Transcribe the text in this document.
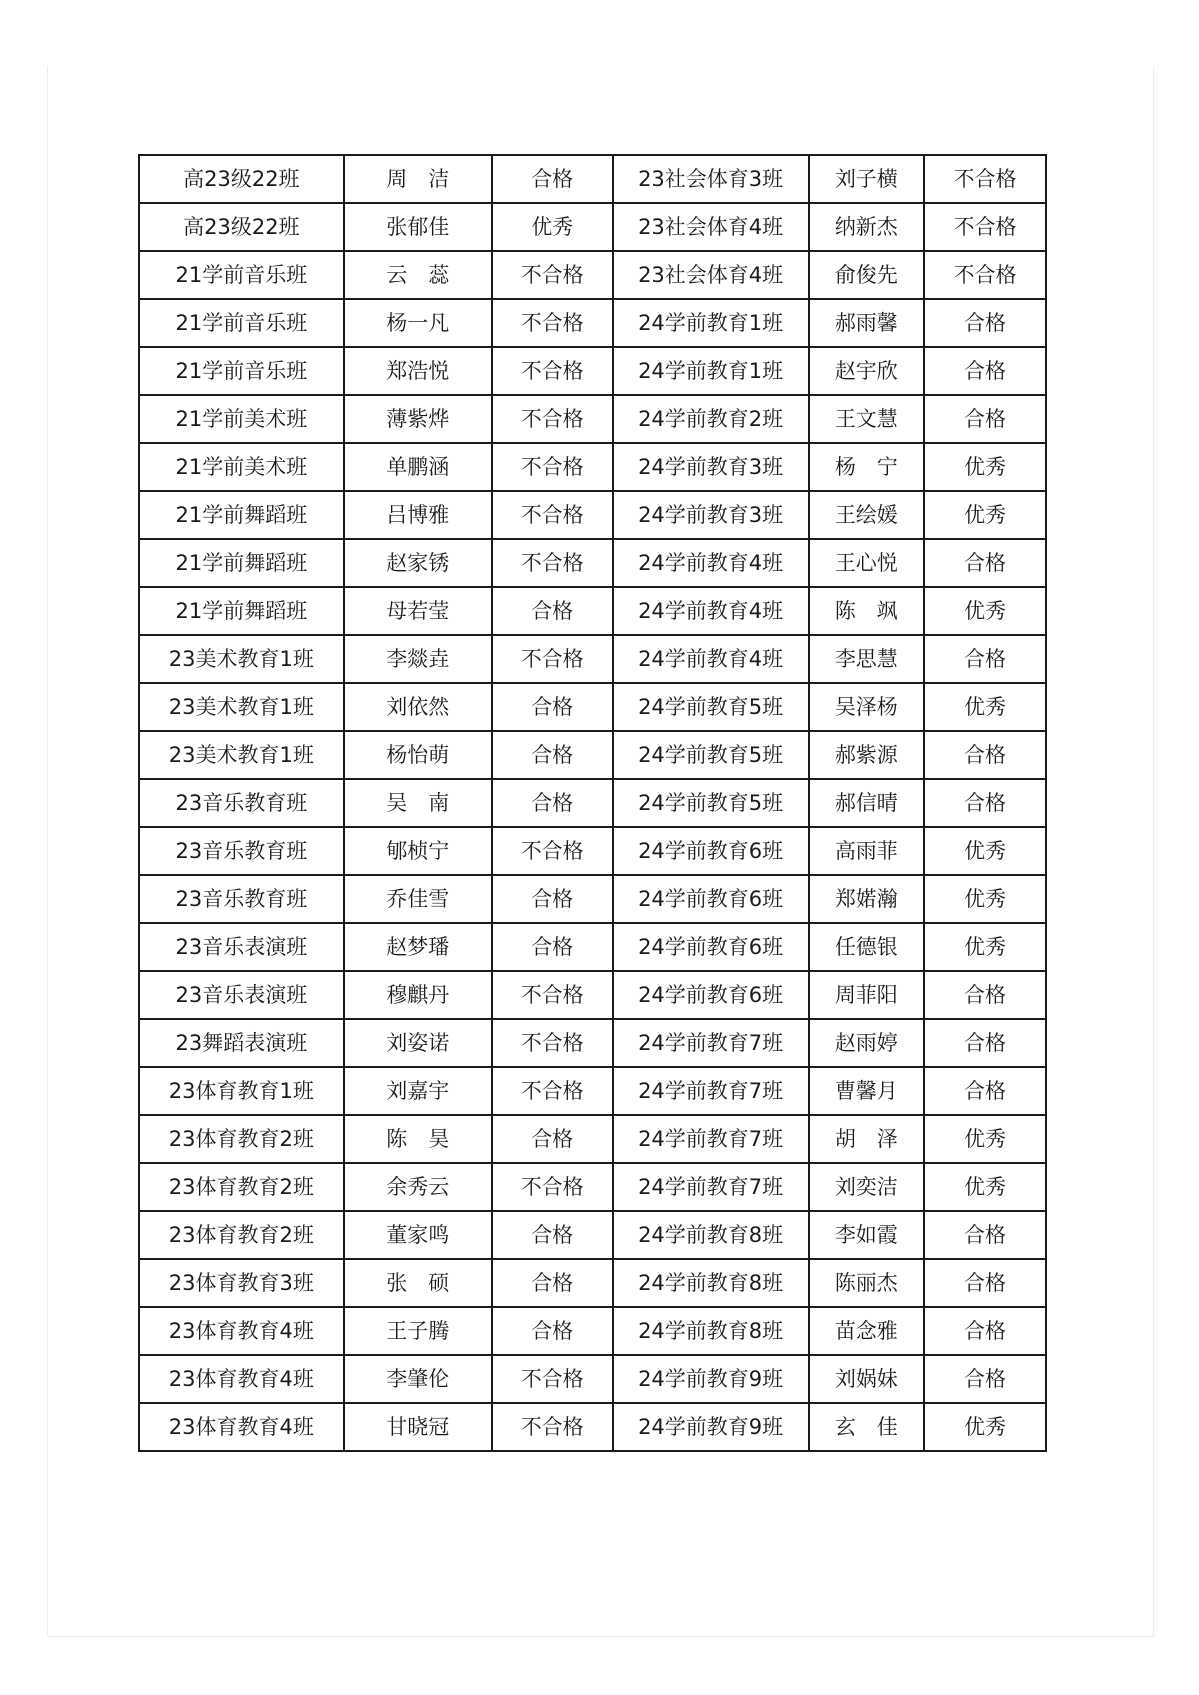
高23级22班	周　洁	合格	23社会体育3班	刘子横	不合格
高23级22班	张郁佳	优秀	23社会体育4班	纳新杰	不合格
21学前音乐班	云　蕊	不合格	23社会体育4班	俞俊先	不合格
21学前音乐班	杨一凡	不合格	24学前教育1班	郝雨馨	合格
21学前音乐班	郑浩悦	不合格	24学前教育1班	赵宇欣	合格
21学前美术班	薄紫烨	不合格	24学前教育2班	王文慧	合格
21学前美术班	单鹏涵	不合格	24学前教育3班	杨　宁	优秀
21学前舞蹈班	吕博雅	不合格	24学前教育3班	王绘媛	优秀
21学前舞蹈班	赵家锈	不合格	24学前教育4班	王心悦	合格
21学前舞蹈班	母若莹	合格	24学前教育4班	陈　飒	优秀
23美术教育1班	李燚垚	不合格	24学前教育4班	李思慧	合格
23美术教育1班	刘依然	合格	24学前教育5班	吴泽杨	优秀
23美术教育1班	杨怡萌	合格	24学前教育5班	郝紫源	合格
23音乐教育班	吴　南	合格	24学前教育5班	郝信晴	合格
23音乐教育班	郇桢宁	不合格	24学前教育6班	高雨菲	优秀
23音乐教育班	乔佳雪	合格	24学前教育6班	郑婼瀚	优秀
23音乐表演班	赵梦璠	合格	24学前教育6班	任德银	优秀
23音乐表演班	穆麒丹	不合格	24学前教育6班	周菲阳	合格
23舞蹈表演班	刘姿诺	不合格	24学前教育7班	赵雨婷	合格
23体育教育1班	刘嘉宇	不合格	24学前教育7班	曹馨月	合格
23体育教育2班	陈　昊	合格	24学前教育7班	胡　泽	优秀
23体育教育2班	余秀云	不合格	24学前教育7班	刘奕洁	优秀
23体育教育2班	董家鸣	合格	24学前教育8班	李如霞	合格
23体育教育3班	张　硕	合格	24学前教育8班	陈丽杰	合格
23体育教育4班	王子腾	合格	24学前教育8班	苗念雅	合格
23体育教育4班	李肇伦	不合格	24学前教育9班	刘娲妹	合格
23体育教育4班	甘晓冠	不合格	24学前教育9班	玄　佳	优秀
